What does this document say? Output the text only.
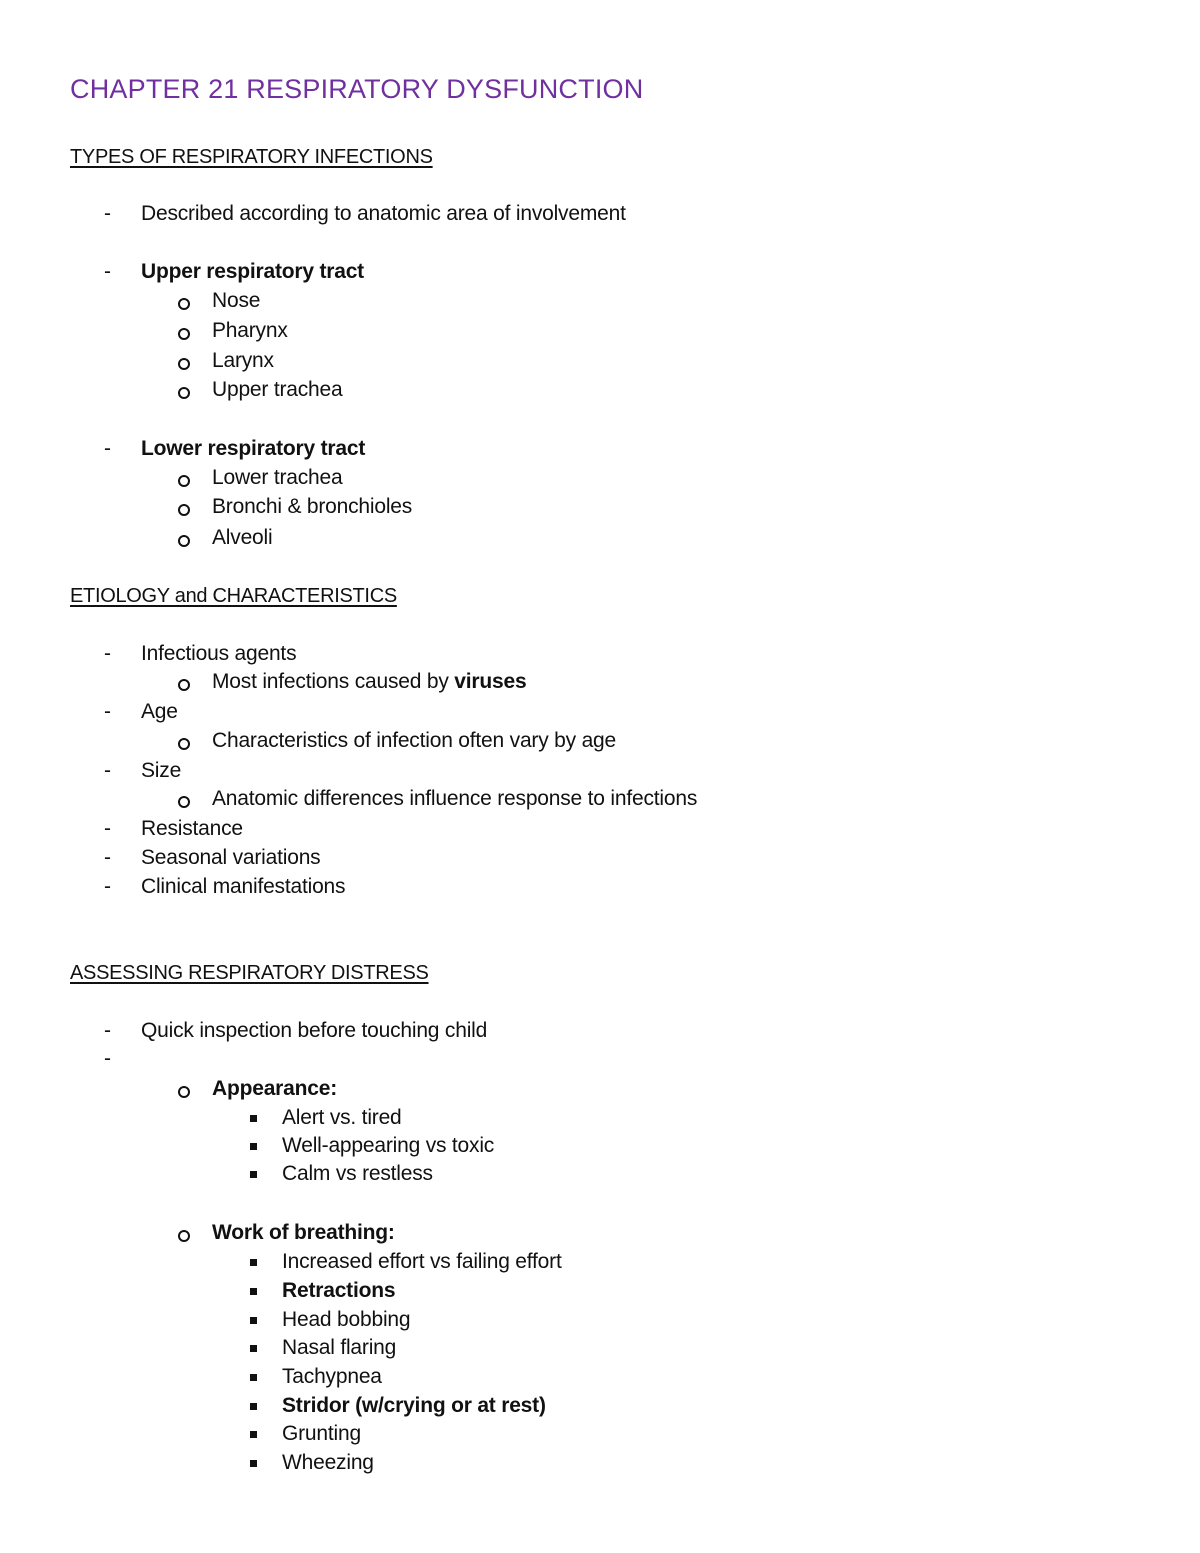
CHAPTER 21 RESPIRATORY DYSFUNCTION
TYPES OF RESPIRATORY INFECTIONS
- Described according to anatomic area of involvement
- Upper respiratory tract
Nose
Pharynx
Larynx
Upper trachea
- Lower respiratory tract
Lower trachea
Bronchi & bronchioles
Alveoli
ETIOLOGY and CHARACTERISTICS
- Infectious agents
Most infections caused by viruses
- Age
Characteristics of infection often vary by age
- Size
Anatomic differences influence response to infections
- Resistance
- Seasonal variations
- Clinical manifestations
ASSESSING RESPIRATORY DISTRESS
- Quick inspection before touching child
-
Appearance:
Alert vs. tired
Well-appearing vs toxic
Calm vs restless
Work of breathing:
Increased effort vs failing effort
Retractions
Head bobbing
Nasal flaring
Tachypnea
Stridor (w/crying or at rest)
Grunting
Wheezing
